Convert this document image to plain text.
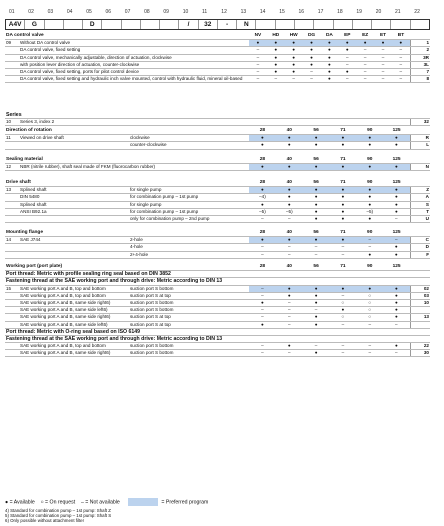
01	02	03	04	05	06	07	08	09	10	11	12	13	14	15	16	17	18	19	20	21	22
A4V	G	D	/	32	-	N
DA control valve		NV	HD	HW	DG	DA	EP	EZ	ET	BT	
09	Without DA control valve	●	●	●	●	●	●	●	●	●	1
	DA control valve, fixed setting	–	●	●	●	●	●	–	–	–	2
	DA control valve, mechanically adjustable, direction of actuation, clockwise	–	●	●	●	●	–	–	–	–	3R
	with position lever direction of actuation, counter-clockwise	–	●	●	●	●	–	–	–	–	3L
	DA control valve, fixed setting, ports for pilot control device	–	●	●	–	●	●	–	–	–	7
	DA control valve, fixed setting and hydraulic inch valve mounted, control with hydraulic fluid, mineral oil-based	–	–	–	–	●	–	–	–	–	8
Series
10	Series 3, index 2	32
Direction of rotation			28	40	56	71	90	125	
11	Viewed on drive shaft	clockwise	●	●	●	●	●	●	R
		counter-clockwise	●	●	●	●	●	●	L
Sealing material			28	40	56	71	90	125	
12	NBR (nitrile rubber), shaft seal made of FKM (fluorocarbon rubber)		●	●	●	●	●	●	N
Drive shaft			28	40	56	71	90	125	
13	Splined shaft	for single pump	●	●	●	●	●	●	Z
	DIN 5480	for combination pump – 1st pump	–4)	●	●	●	●	●	A
	Splined shaft	for single pump	●	●	●	●	●	●	S
	ANSI B92.1a	for combination pump – 1st pump	–5)	–5)	●	●	–5)	●	T
		only for combination pump – 2nd pump	–	–	●	●	●	–	U
Mounting flange			28	40	56	71	90	125	
14	SAE J744	2-hole	●	●	●	●	–	–	C
		4-hole	–	–	–	–	–	●	D
		2+4-hole	–	–	–	–	●	●	F
Working port (port plate)			28	40	56	71	90	125	
Port thread: Metric with profile sealing ring seal based on DIN 3852									
Fastening thread at the SAE working port and through drive: Metric according to DIN 13									
15	SAE working port A and B, top and bottom	suction port S bottom	–	●	●	●	●	●	02
	SAE working port A and B, top and bottom	suction port S at top	–	●	●	–	○	●	03
	SAE working port A and B, same side right6)	suction port S bottom	●	–	●	○	○	●	10
	SAE working port A and B, same side left6)	suction port S bottom	–	–	–	●	○	●	
	SAE working port A and B, same side right6)	suction port S at top	–	–	●	○	○	●	13
	SAE working port A and B, same side left6)	suction port S at top	●	–	●	–	–	–	
Port thread: Metric with O-ring seal based on ISO 6149									
Fastening thread at the SAE working port and through drive: Metric according to DIN 13									
	SAE working port A and B, top and bottom	suction port S bottom	–	●	–	–	–	●	22
	SAE working port A and B, same side right6)	suction port S bottom	–	–	●	–	–	–	30
● = Available ○ = On request – = Not available	= Preferred program
4) Standard for combination pump – 1st pump: Shaft Z
5) Standard for combination pump – 1st pump: Shaft S
6) Only possible without attachment filter
